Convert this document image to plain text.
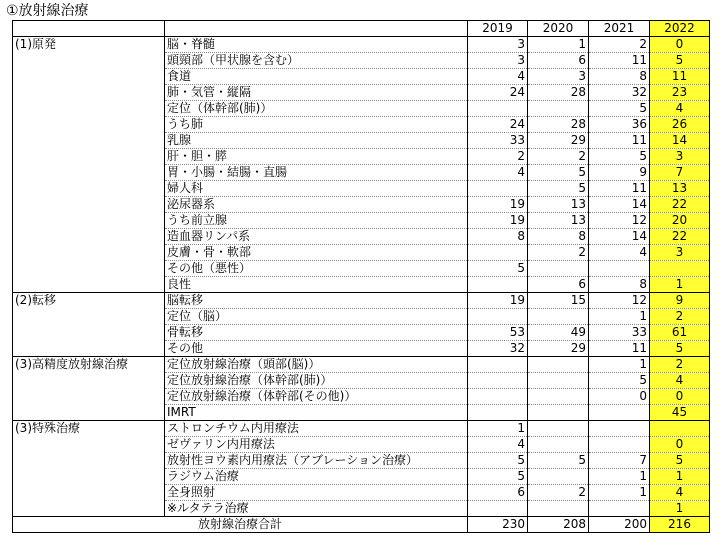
①放射線治療
		2019	2020	2021	2022
(1)原発	脳・脊髄	3	1	2	0
	頭頸部（甲状腺を含む）	3	6	11	5
	食道	4	3	8	11
	肺・気管・縦隔	24	28	32	23
	定位（体幹部(肺)）			5	4
	うち肺	24	28	36	26
	乳腺	33	29	11	14
	肝・胆・膵	2	2	5	3
	胃・小腸・結腸・直腸	4	5	9	7
	婦人科		5	11	13
	泌尿器系	19	13	14	22
	うち前立腺	19	13	12	20
	造血器リンパ系	8	8	14	22
	皮膚・骨・軟部		2	4	3
	その他（悪性）	5			
	良性		6	8	1
(2)転移	脳転移	19	15	12	9
	定位（脳）			1	2
	骨転移	53	49	33	61
	その他	32	29	11	5
(3)高精度放射線治療	定位放射線治療（頭部(脳)）			1	2
	定位放射線治療（体幹部(肺)）			5	4
	定位放射線治療（体幹部(その他)）			0	0
	IMRT				45
(3)特殊治療	ストロンチウム内用療法	1			
	ゼヴァリン内用療法	4			0
	放射性ヨウ素内用療法（アブレーション治療）	5	5	7	5
	ラジウム治療	5		1	1
	全身照射	6	2	1	4
	※ルタテラ治療				1
放射線治療合計		230	208	200	216
